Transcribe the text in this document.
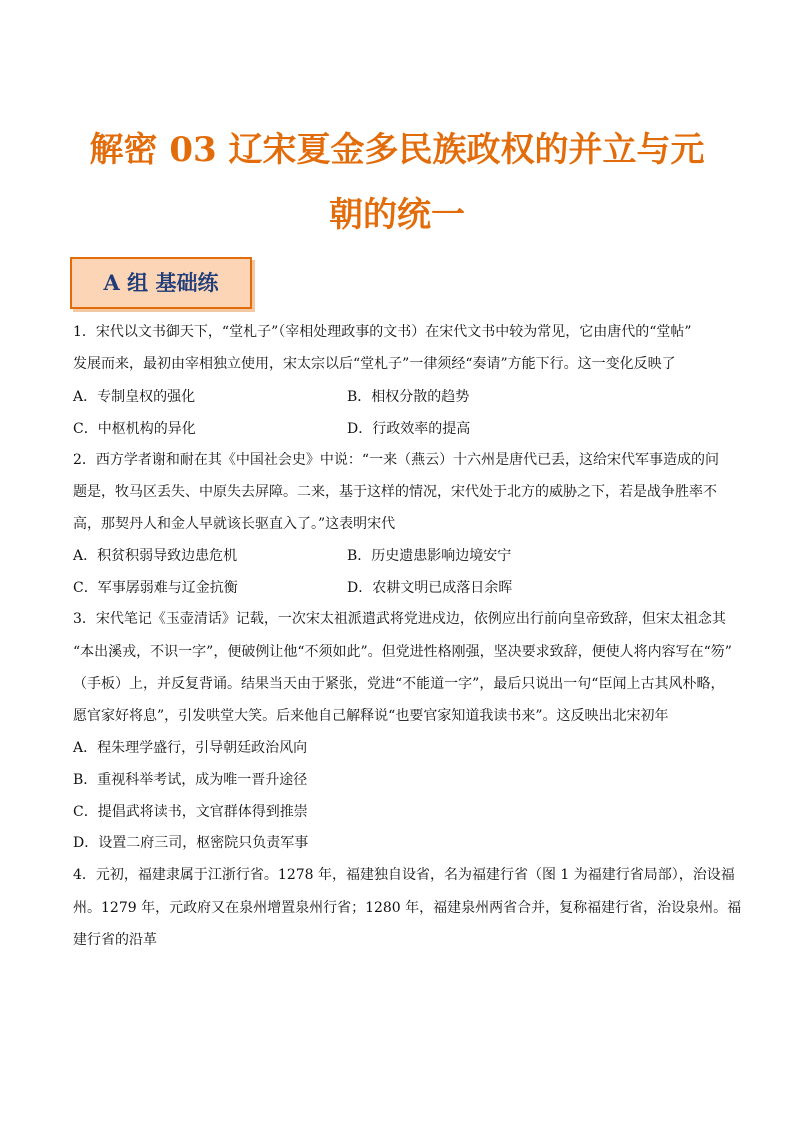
解密 03 辽宋夏金多民族政权的并立与元
朝的统一
A 组 基础练
1．宋代以文书御天下，“堂札子”（宰相处理政事的文书）在宋代文书中较为常见，它由唐代的“堂帖”
发展而来，最初由宰相独立使用，宋太宗以后“堂札子”一律须经“奏请”方能下行。这一变化反映了
A．专制皇权的强化	B．相权分散的趋势
C．中枢机构的异化	D．行政效率的提高
2．西方学者谢和耐在其《中国社会史》中说：“一来（燕云）十六州是唐代已丢，这给宋代军事造成的问
题是，牧马区丢失、中原失去屏障。二来，基于这样的情况，宋代处于北方的威胁之下，若是战争胜率不
高，那契丹人和金人早就该长驱直入了。”这表明宋代
A．积贫积弱导致边患危机	B．历史遗患影响边境安宁
C．军事孱弱难与辽金抗衡	D．农耕文明已成落日余晖
3．宋代笔记《玉壶清话》记载，一次宋太祖派遣武将党进戍边，依例应出行前向皇帝致辞，但宋太祖念其
“本出溪戎，不识一字”，便破例让他“不须如此”。但党进性格刚强，坚决要求致辞，便使人将内容写在“笏”
（手板）上，并反复背诵。结果当天由于紧张，党进“不能道一字”，最后只说出一句“臣闻上古其风朴略，
愿官家好将息”，引发哄堂大笑。后来他自己解释说“也要官家知道我读书来”。这反映出北宋初年
A．程朱理学盛行，引导朝廷政治风向
B．重视科举考试，成为唯一晋升途径
C．提倡武将读书，文官群体得到推崇
D．设置二府三司，枢密院只负责军事
4．元初，福建隶属于江浙行省。1278 年，福建独自设省，名为福建行省（图 1 为福建行省局部），治设福
州。1279 年，元政府又在泉州增置泉州行省；1280 年，福建泉州两省合并，复称福建行省，治设泉州。福
建行省的沿革
